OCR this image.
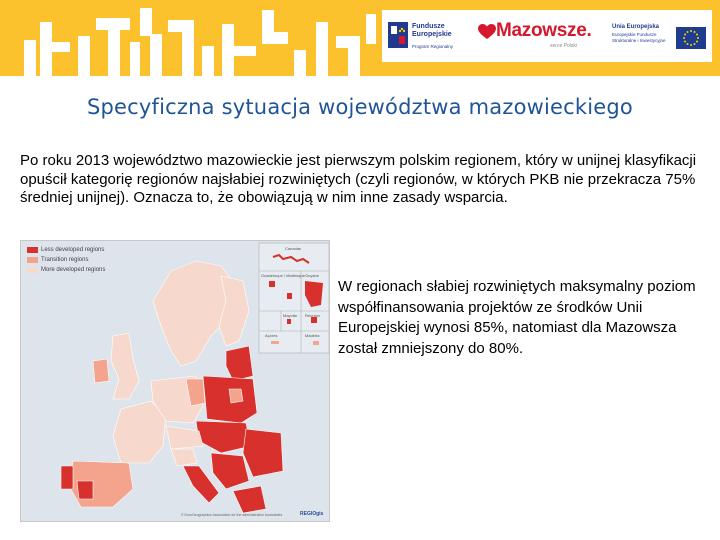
Fundusze
Europejskie
Program Regionalny
Mazowsze.
serce Polski
Unia Europejska
Europejskie Fundusze
Strukturalne i Inwestycyjne
Specyficzna sytuacja województwa mazowieckiego
Po roku 2013 województwo mazowieckie jest pierwszym polskim regionem, który w unijnej klasyfikacji opuścił kategorię regionów najsłabiej rozwiniętych (czyli regionów, w których PKB nie przekracza 75% średniej unijnej). Oznacza to, że obowiązują w nim inne zasady wsparcia.
Less developed regions
Transition regions
More developed regions
Canarias
Guadeloupe / Martinique Guyane
Mayotte Réunion
Açores	Madeira
© EuroGeographics Association for the administrative boundaries	REGIOgis
W regionach słabiej rozwiniętych maksymalny poziom współfinansowania projektów ze środków Unii Europejskiej wynosi 85%, natomiast dla Mazowsza został zmniejszony do 80%.
